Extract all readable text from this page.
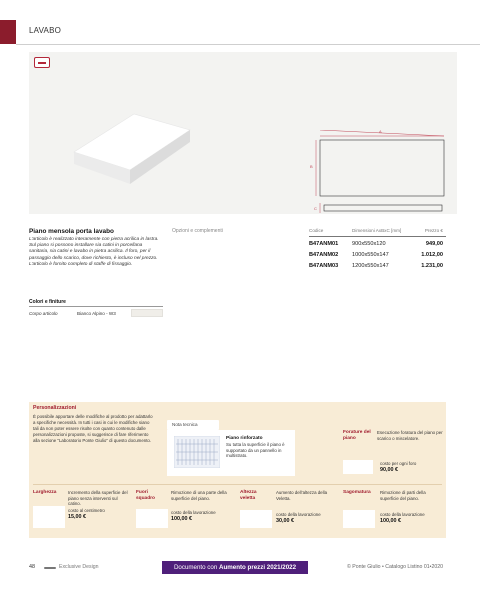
LAVABO
A
B
C
Piano mensola porta lavabo
L’articolo è realizzato interamente con pietra acrilica in lastra. Sul piano si possono installare sia catini in porcellana sanitaria, sia catini e lavabo in pietra acrilica. Il foro, per il passaggio dello scarico, dove richiesto, è incluso nel prezzo. L’articolo è fornito completo di staffe di fissaggio.
Opzioni e complementi	Codice	Dimensioni AxBxC [mm]	Prezzo €
B47ANM01 900x550x120	949,00
B47ANM02 1000x550x147	1.012,00
B47ANM03 1200x550x147	1.231,00
Colori e finiture
Corpo articolo	Bianco Alpino - W3
Personalizzazioni
È possibile apportare delle modifiche al prodotto per adattarlo a specifiche necessità. In tutti i casi in cui le modifiche siano tali da non poter essere risolte con quanto contenuto dalle personalizzazioni proposte, si suggerisce di fare riferimento alla sezione "Laboratorio Ponte Giulio" di questo documento.
Nota tecnica
Piano rinforzato
Su tutta la superficie il piano è supportato da un pannello in multistrato.
Forature del piano
Esecuzione foratura del piano per scarico o miscelatore.
costo per ogni foro
90,00 €
Larghezza	Incremento della superficie del piano senza interventi sul catino.
costo al centimetro
15,00 €
Fuori squadro
Rimozione di una parte della superficie del piano.
costo della lavorazione
100,00 €
Altezza veletta
Aumento dell’altezza della Veletta.
costo della lavorazione
30,00 €
Sagomatura Rimozione di parti della superficie del piano.
costo della lavorazione
100,00 €
48	Exclusive Design	Documento con Aumento prezzi 2021/2022	© Ponte Giulio • Catalogo Listino 01•2020
